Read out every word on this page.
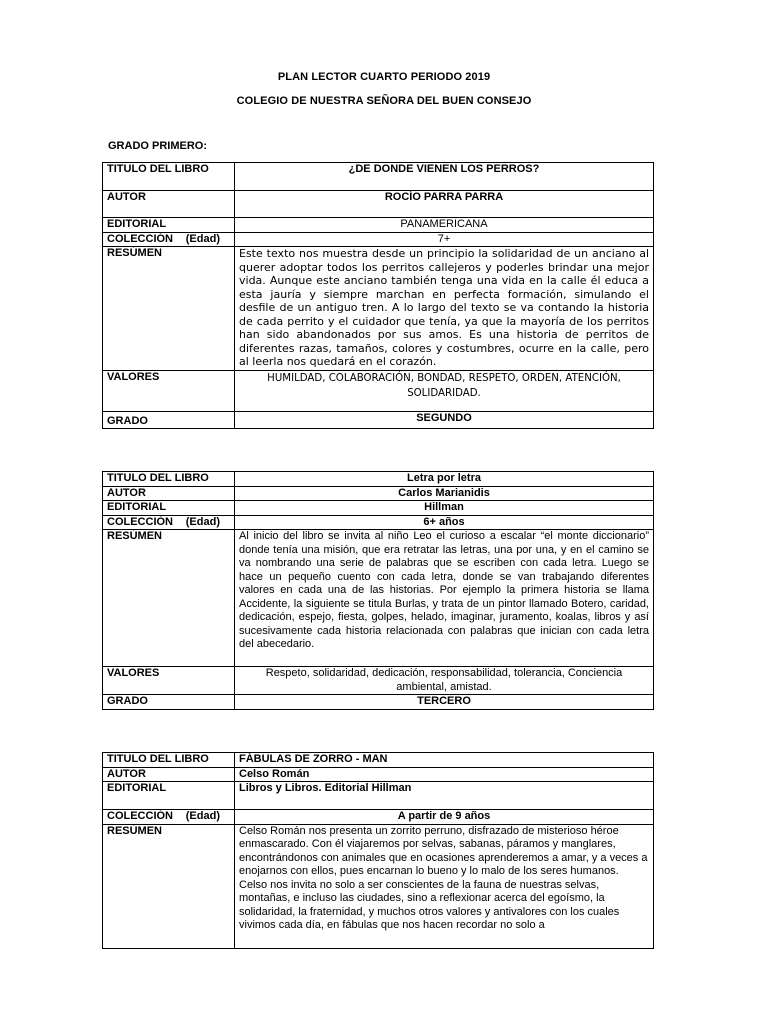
PLAN LECTOR CUARTO PERIODO 2019
COLEGIO DE NUESTRA SEÑORA DEL BUEN CONSEJO
GRADO PRIMERO:
TITULO DEL LIBRO	¿DE DONDE VIENEN LOS PERROS?
AUTOR	ROCÍO PARRA PARRA
EDITORIAL	PANAMERICANA

COLECCIÓN (Edad)	7+
RESÚMEN	Este texto nos muestra desde un principio la solidaridad de un anciano al querer adoptar todos los perritos callejeros y poderles brindar una mejor vida. Aunque este anciano también tenga una vida en la calle él educa a esta jauría y siempre marchan en perfecta formación, simulando el desfile de un antiguo tren. A lo largo del texto se va contando la historia de cada perrito y el cuidador que tenía, ya que la mayoría de los perritos han sido abandonados por sus amos. Es una historia de perritos de diferentes razas, tamaños, colores y costumbres, ocurre en la calle, pero al leerla nos quedará en el corazón.
VALORES	HUMILDAD, COLABORACIÓN, BONDAD, RESPETO, ORDEN, ATENCIÓN, SOLIDARIDAD.
GRADO	SEGUNDO
TITULO DEL LIBRO	Letra por letra
AUTOR	Carlos Marianidis
EDITORIAL	Hillman

COLECCIÓN (Edad)	6+ años
RESÚMEN	Al inicio del libro se invita al niño Leo el curioso a escalar “el monte diccionario” donde tenía una misión, que era retratar las letras, una por una, y en el camino se va nombrando una serie de palabras que se escriben con cada letra. Luego se hace un pequeño cuento con cada letra, donde se van trabajando diferentes valores en cada una de las historias. Por ejemplo la primera historia se llama Accidente, la siguiente se titula Burlas, y trata de un pintor llamado Botero, caridad, dedicación, espejo, fiesta, golpes, helado, imaginar, juramento, koalas, libros y así sucesivamente cada historia relacionada con palabras que inician con cada letra del abecedario.
VALORES	Respeto, solidaridad, dedicación, responsabilidad, tolerancia, Conciencia ambiental, amistad.
GRADO	TERCERO
TITULO DEL LIBRO	FÁBULAS DE ZORRO - MAN
AUTOR	Celso Román
EDITORIAL	Libros y Libros. Editorial Hillman

COLECCIÓN (Edad)	A partir de 9 años
RESÚMEN	Celso Román nos presenta un zorrito perruno, disfrazado de misterioso héroe enmascarado. Con él viajaremos por selvas, sabanas, páramos y manglares, encontrándonos con animales que en ocasiones aprenderemos a amar, y a veces a enojarnos con ellos, pues encarnan lo bueno y lo malo de los seres humanos.
Celso nos invita no solo a ser conscientes de la fauna de nuestras selvas, montañas, e incluso las ciudades, sino a reflexionar acerca del egoísmo, la solidaridad, la fraternidad, y muchos otros valores y antivalores con los cuales vivimos cada día, en fábulas que nos hacen recordar no solo a
